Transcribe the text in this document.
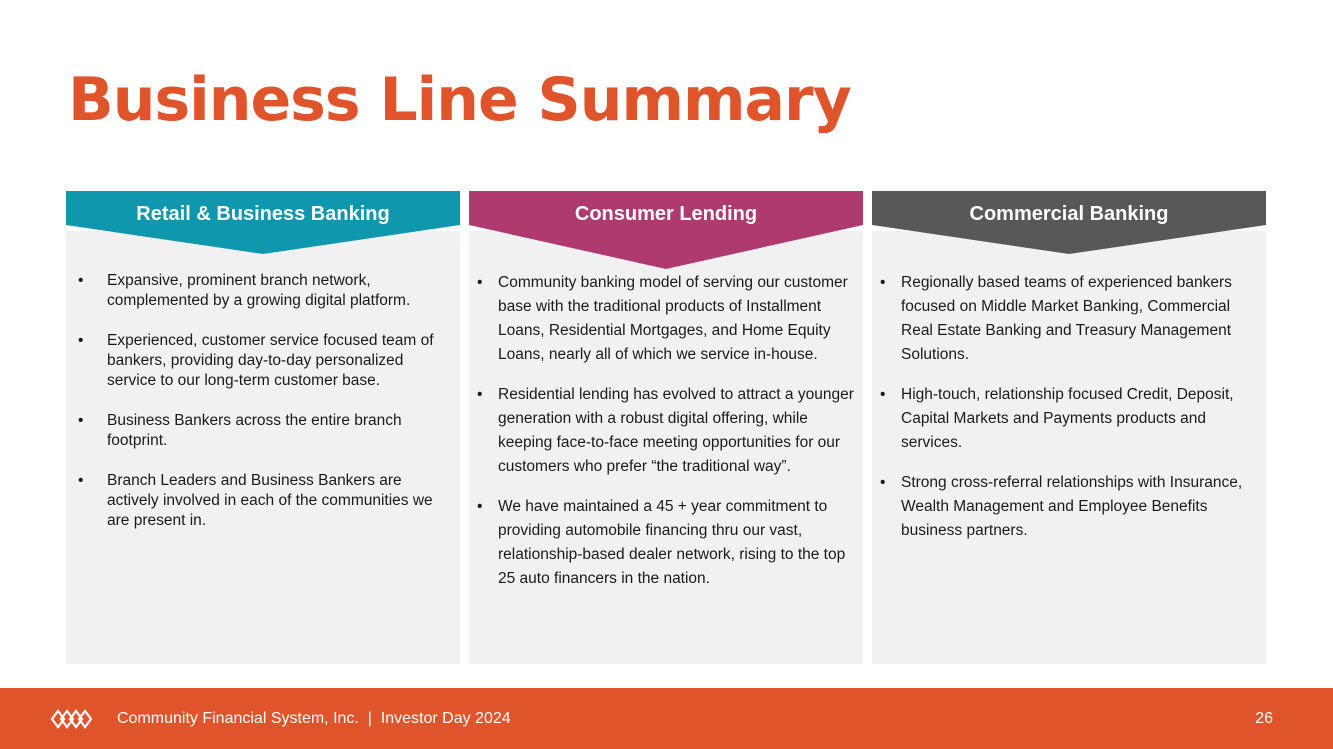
Business Line Summary
Retail & Business Banking
• Expansive, prominent branch network, complemented by a growing digital platform.
• Experienced, customer service focused team of bankers, providing day-to-day personalized service to our long-term customer base.
• Business Bankers across the entire branch footprint.
• Branch Leaders and Business Bankers are actively involved in each of the communities we are present in.
Consumer Lending
• Community banking model of serving our customer base with the traditional products of Installment Loans, Residential Mortgages, and Home Equity Loans, nearly all of which we service in-house.
• Residential lending has evolved to attract a younger generation with a robust digital offering, while keeping face-to-face meeting opportunities for our customers who prefer “the traditional way”.
• We have maintained a 45 + year commitment to providing automobile financing thru our vast, relationship-based dealer network, rising to the top 25 auto financers in the nation.
Commercial Banking
• Regionally based teams of experienced bankers focused on Middle Market Banking, Commercial Real Estate Banking and Treasury Management Solutions.
• High-touch, relationship focused Credit, Deposit, Capital Markets and Payments products and services.
• Strong cross-referral relationships with Insurance, Wealth Management and Employee Benefits business partners.
Community Financial System, Inc. | Investor Day 2024	26
